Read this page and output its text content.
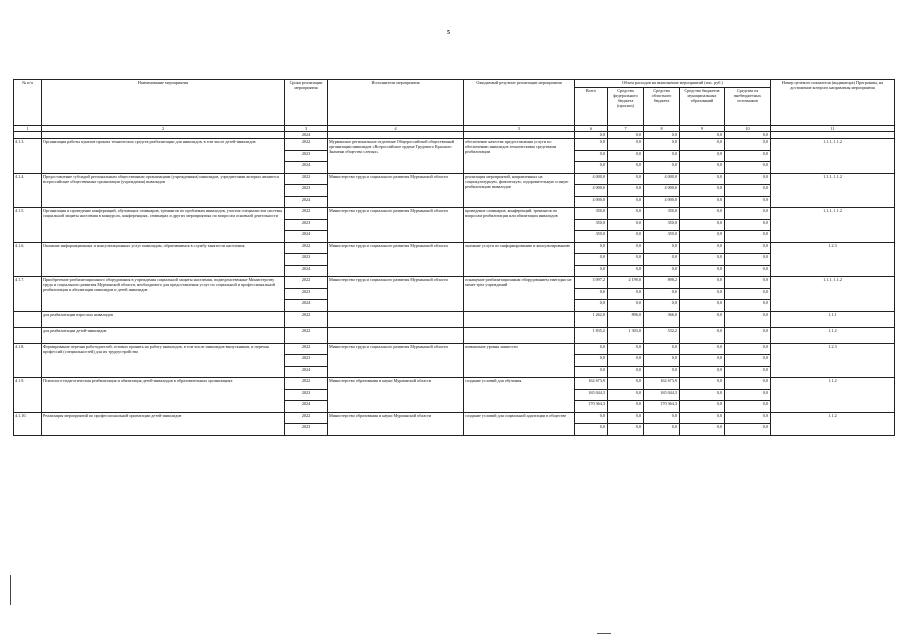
5
№ п/п	Наименование мероприятия	Сроки реализации мероприятия	Исполнители мероприятия	Ожидаемый результат реализации мероприятия	Объем расходов на выполнение мероприятий (тыс. руб.)					Номер целевого показателя (индикатора) Программы, на достижение которого направлены мероприятия
					Всего	Средства федерального бюджета (прогноз)	Средства областного бюджета	Средства бюджетов муниципальных образований	Средства из внебюджетных источников	
1	2	3	4	5	6	7	8	9	10	11
		2024			0,0	0,0	0,0	0,0	0,0	
4.1.3.	Организация работы пунктов проката технических средств реабилитации для инвалидов, в том числе детей-инвалидов	2022	Мурманское региональное отделение Общероссийской общественной организации инвалидов «Всероссийское ордена Трудового Красного Знамени общество слепых»	обеспечение качества предоставления услуги по обеспечению инвалидов техническими средствами реабилитации	0,0	0,0	0,0	0,0	0,0	1.1.1, 1.1.2
		2023			0,0	0,0	0,0	0,0	0,0	
		2024			0,0	0,0	0,0	0,0	0,0	
4.1.4.	Предоставление субсидий региональным общественным организациям (учреждениям) инвалидов, учредителями которых являются всероссийские общественные организации (учреждения) инвалидов	2022	Министерство труда и социального развития Мурманской области	реализация мероприятий, направленных на социокультурную, физическую, оздоровительную и иную реабилитацию инвалидов	4 000,0	0,0	4 000,0	0,0	0,0	1.1.1, 1.1.2
		2023			4 000,0	0,0	4 000,0	0,0	0,0	
		2024			4 000,0	0,0	4 000,0	0,0	0,0	
4.1.5.	Организация и проведение конференций, обучающих семинаров, тренингов по проблемам инвалидов, участие специалистов системы социальной защиты населения в конкурсах, конференциях, семинарах и других мероприятиях по вопросам основной деятельности	2022	Министерство труда и социального развития Мурманской области	проведение семинаров, конференций, тренингов по вопросам реабилитации или абилитации инвалидов	350,0	0,0	350,0	0,0	0,0	1.1.1, 1.1.2
		2023			350,0	0,0	350,0	0,0	0,0	
		2024			350,0	0,0	350,0	0,0	0,0	
4.1.6.	Оказание информационных и консультационных услуг инвалидам, обратившимся в службу занятости населения	2022	Министерство труда и социального развития Мурманской области	оказание услуги по информированию и консультированию	0,0	0,0	0,0	0,0	0,0	1.2.3
		2023			0,0	0,0	0,0	0,0	0,0	
		2024			0,0	0,0	0,0	0,0	0,0	
4.1.7.	Приобретение реабилитационного оборудования в учреждения социальной защиты населения, подведомственные Министерству труда и социального развития Мурманской области, необходимого для предоставления услуг по социальной и профессиональной реабилитации и абилитации инвалидов и детей инвалидов	2022	Министерство труда и социального развития Мурманской области	оснащение реабилитационным оборудованием ежегодно не менее трех учреждений	3 097,2	2 199,0	898,2	0,0	0,0	1.1.1, 1.1.2
		2023			0,0	0,0	0,0	0,0	0,0	
		2024			0,0	0,0	0,0	0,0	0,0	
	для реабилитации взрослых инвалидов	2022			1 262,0	896,0	366,0	0,0	0,0	1.1.1
	для реабилитации детей-инвалидов	2022			1 835,2	1 303,0	532,2	0,0	0,0	1.1.2
4.1.8.	Формирование перечня работодателей, готовых принять на работу инвалидов, в том числе инвалидов-выпускников, и перечня профессий (специальностей) для их трудоустройства	2022	Министерство труда и социального развития Мурманской области	повышение уровня занятости	0,0	0,0	0,0	0,0	0,0	1.2.3
		2023			0,0	0,0	0,0	0,0	0,0	
		2024			0,0	0,0	0,0	0,0	0,0	
4.1.9.	Психолого-педагогическая реабилитация и абилитация детей-инвалидов в образовательных организациях	2022	Министерство образования и науки Мурманской области	создание условий для обучения	162 673,9	0,0	162 673,9	0,0	0,0	1.1.2
		2023			165 044,3	0,0	165 044,3	0,0	0,0	
		2024			170 364,3	0,0	170 364,3	0,0	0,0	
4.1.10.	Реализация мероприятий по профессиональной ориентации детей-инвалидов	2022	Министерство образования и науки Мурманской области	создание условий для социальной адаптации в обществе	0,0	0,0	0,0	0,0	0,0	1.1.2
		2023			0,0	0,0	0,0	0,0	0,0	
